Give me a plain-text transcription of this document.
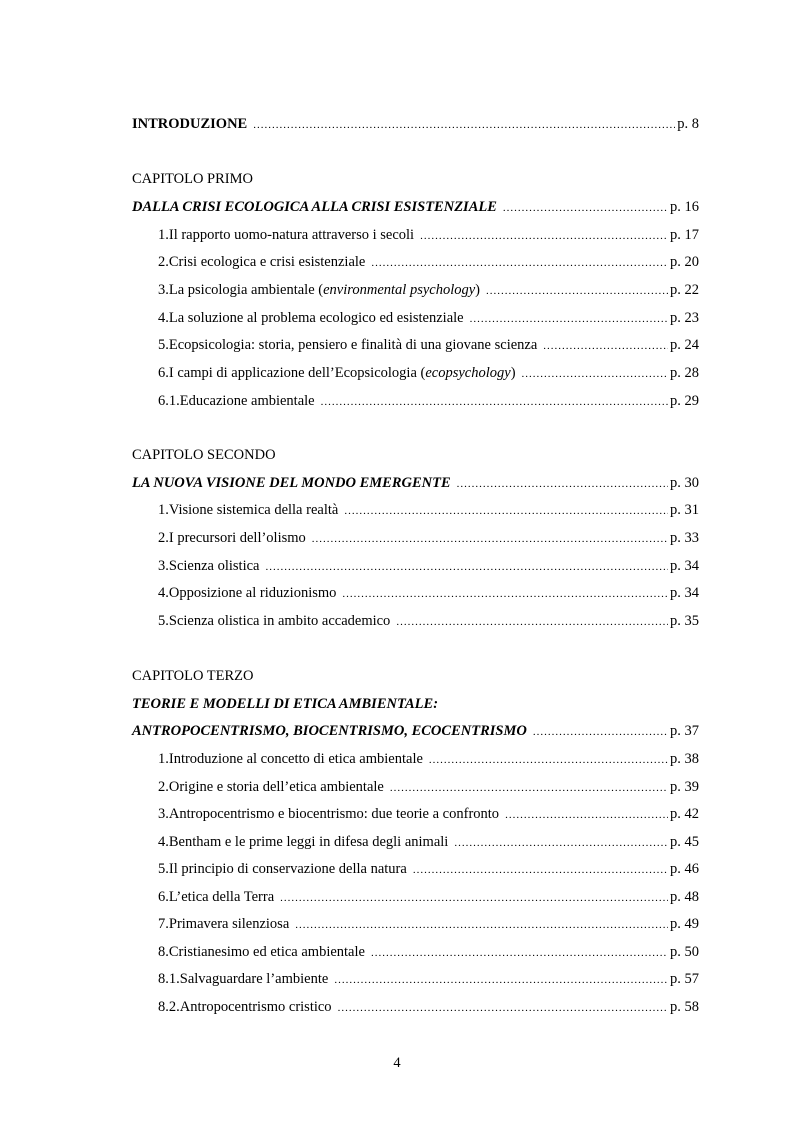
INTRODUZIONE .....	p. 8
CAPITOLO PRIMO
DALLA CRISI ECOLOGICA ALLA CRISI ESISTENZIALE .....	p. 16
1. Il rapporto uomo-natura attraverso i secoli .....	p. 17
2. Crisi ecologica e crisi esistenziale .....	p. 20
3. La psicologia ambientale (environmental psychology) .....	p. 22
4. La soluzione al problema ecologico ed esistenziale .....	p. 23
5. Ecopsicologia: storia, pensiero e finalità di una giovane scienza .....	p. 24
6. I campi di applicazione dell’Ecopsicologia (ecopsychology) .....	p. 28
6.1. Educazione ambientale .....	p. 29
CAPITOLO SECONDO
LA NUOVA VISIONE DEL MONDO EMERGENTE .....	p. 30
1. Visione sistemica della realtà .....	p. 31
2. I precursori dell’olismo .....	p. 33
3. Scienza olistica .....	p. 34
4. Opposizione al riduzionismo .....	p. 34
5. Scienza olistica in ambito accademico .....	p. 35
CAPITOLO TERZO
TEORIE E MODELLI DI ETICA AMBIENTALE:
ANTROPOCENTRISMO, BIOCENTRISMO, ECOCENTRISMO .....	p. 37
1. Introduzione al concetto di etica ambientale .....	p. 38
2. Origine e storia dell’etica ambientale .....	p. 39
3. Antropocentrismo e biocentrismo: due teorie a confronto .....	p. 42
4. Bentham e le prime leggi in difesa degli animali .....	p. 45
5. Il principio di conservazione della natura .....	p. 46
6. L’etica della Terra .....	p. 48
7. Primavera silenziosa .....	p. 49
8. Cristianesimo ed etica ambientale .....	p. 50
8.1. Salvaguardare l’ambiente .....	p. 57
8.2. Antropocentrismo cristico .....	p. 58
4
